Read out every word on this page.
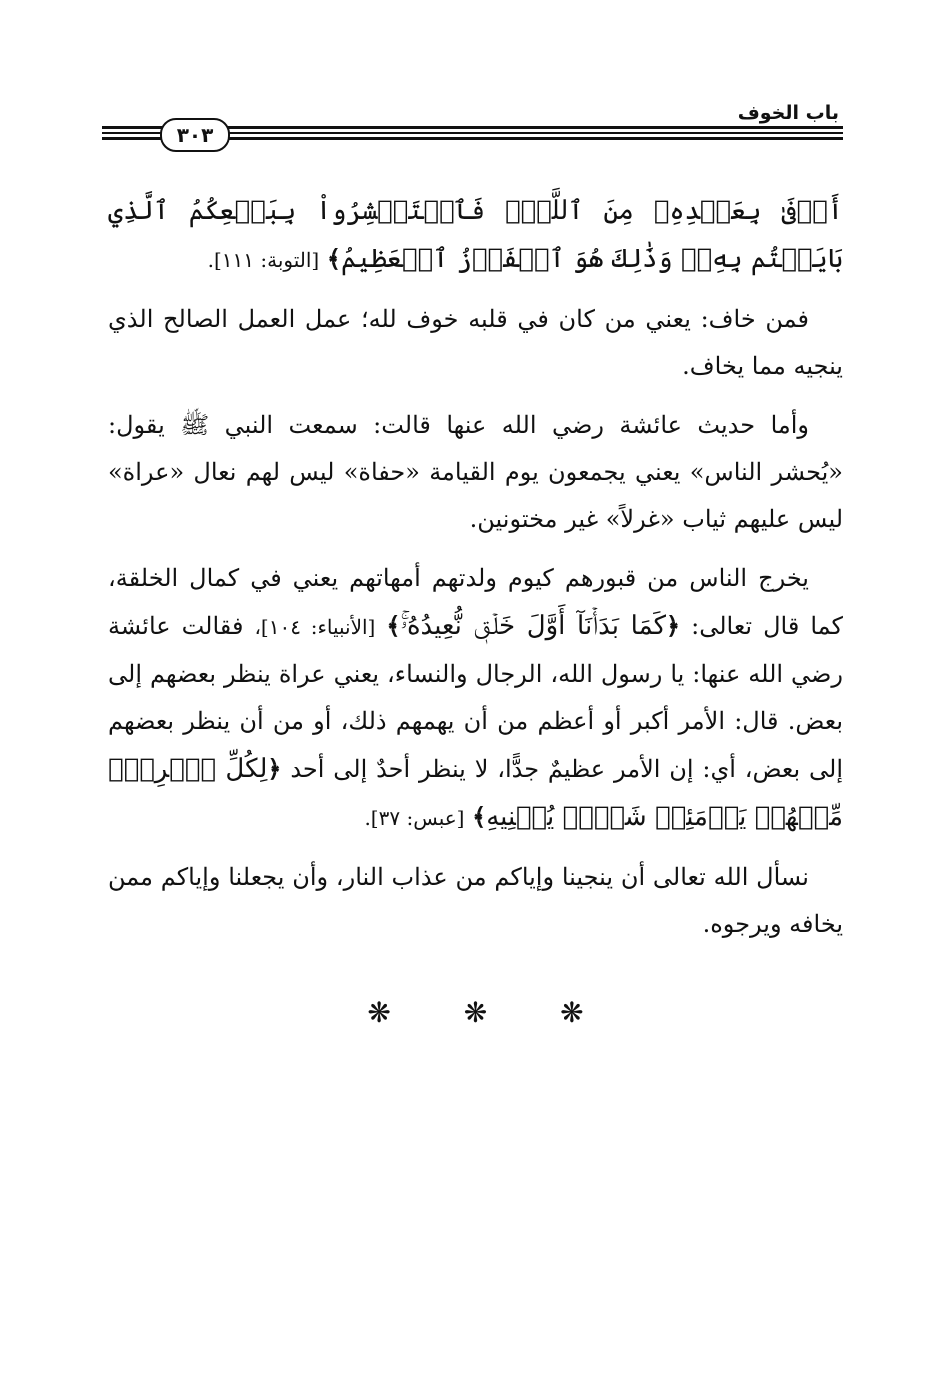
باب الخوف
٣٠٣

أَوۡفَىٰ بِعَهۡدِهِۦ مِنَ ٱللَّهِۚ فَٱسۡتَبۡشِرُواْ بِبَيۡعِكُمُ ٱلَّذِي بَايَعۡتُم بِهِۦۚ وَذَٰلِكَ هُوَ ٱلۡفَوۡزُ ٱلۡعَظِيمُ﴾ [التوبة: ١١١].

فمن خاف: يعني من كان في قلبه خوف لله؛ عمل العمل الصالح الذي ينجيه مما يخاف.

وأما حديث عائشة رضي الله عنها قالت: سمعت النبي ﷺ يقول: «يُحشر الناس» يعني يجمعون يوم القيامة «حفاة» ليس لهم نعال «عراة» ليس عليهم ثياب «غرلاً» غير مختونين.

يخرج الناس من قبورهم كيوم ولدتهم أمهاتهم يعني في كمال الخلقة، كما قال تعالى: ﴿كَمَا بَدَأۡنَآ أَوَّلَ خَلۡقٖ نُّعِيدُهُۥۚ﴾ [الأنبياء: ١٠٤]، فقالت عائشة رضي الله عنها: يا رسول الله، الرجال والنساء، يعني عراة ينظر بعضهم إلى بعض. قال: الأمر أكبر أو أعظم من أن يهمهم ذلك، أو من أن ينظر بعضهم إلى بعض، أي: إن الأمر عظيمٌ جدًّا، لا ينظر أحدٌ إلى أحد ﴿لِكُلِّ ٱمۡرِيٕٖ مِّنۡهُمۡ يَوۡمَئِذٖ شَأۡنٞ يُغۡنِيهِ﴾ [عبس: ٣٧].

نسأل الله تعالى أن ينجينا وإياكم من عذاب النار، وأن يجعلنا وإياكم ممن يخافه ويرجوه.

❋	❋	❋
